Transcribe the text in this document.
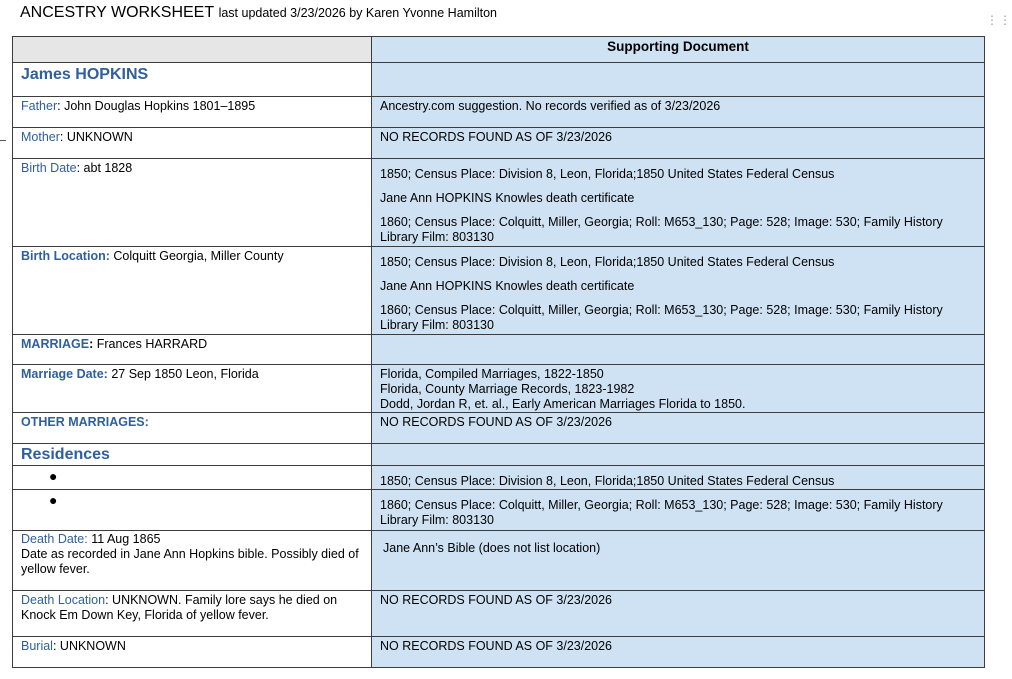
ANCESTRY WORKSHEET last updated 3/23/2026 by Karen Yvonne Hamilton	⋮⋮
	Supporting Document
James HOPKINS	
Father: John Douglas Hopkins 1801–1895	Ancestry.com suggestion. No records verified as of 3/23/2026
Mother: UNKNOWN	NO RECORDS FOUND AS OF 3/23/2026
Birth Date: abt 1828	1850; Census Place: Division 8, Leon, Florida;1850 United States Federal Census
Jane Ann HOPKINS Knowles death certificate
1860; Census Place: Colquitt, Miller, Georgia; Roll: M653_130; Page: 528; Image: 530; Family History Library Film: 803130

Birth Location: Colquitt Georgia, Miller County	1850; Census Place: Division 8, Leon, Florida;1850 United States Federal Census
Jane Ann HOPKINS Knowles death certificate
1860; Census Place: Colquitt, Miller, Georgia; Roll: M653_130; Page: 528; Image: 530; Family History Library Film: 803130

MARRIAGE: Frances HARRARD	
Marriage Date: 27 Sep 1850 Leon, Florida	Florida, Compiled Marriages, 1822-1850
Florida, County Marriage Records, 1823-1982
Dodd, Jordan R, et. al., Early American Marriages Florida to 1850.

OTHER MARRIAGES:	NO RECORDS FOUND AS OF 3/23/2026
Residences	

●	1850; Census Place: Division 8, Leon, Florida;1850 United States Federal Census

●	1860; Census Place: Colquitt, Miller, Georgia; Roll: M653_130; Page: 528; Image: 530; Family History Library Film: 803130
Death Date: 11 Aug 1865
Date as recorded in Jane Ann Hopkins bible. Possibly died of yellow fever.	Jane Ann’s Bible (does not list location)
Death Location: UNKNOWN. Family lore says he died on Knock Em Down Key, Florida of yellow fever.	NO RECORDS FOUND AS OF 3/23/2026
Burial: UNKNOWN	NO RECORDS FOUND AS OF 3/23/2026
